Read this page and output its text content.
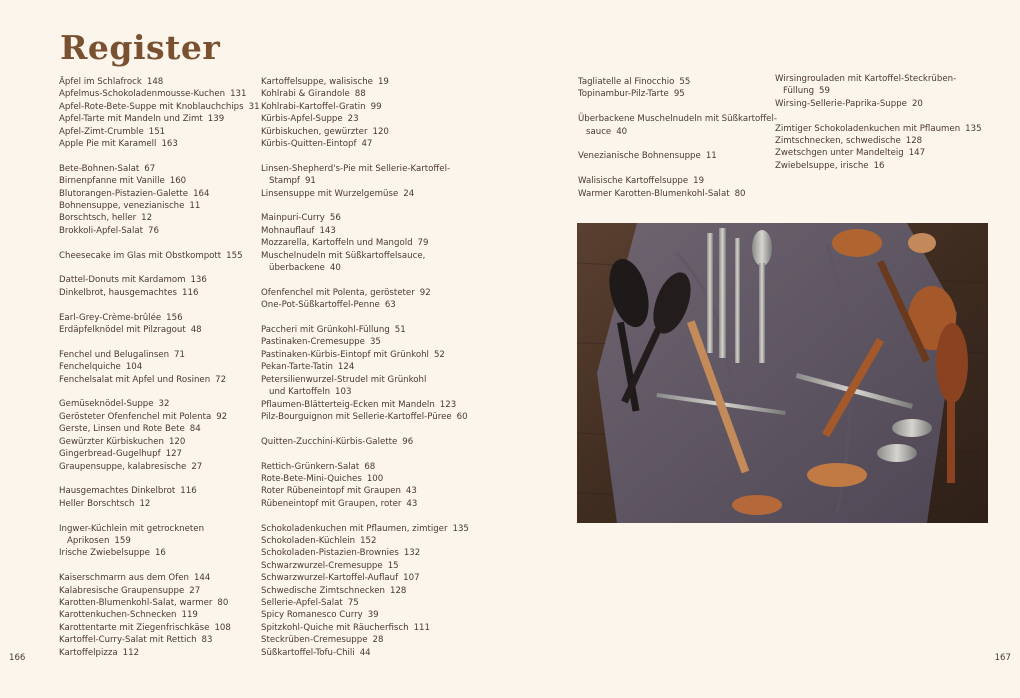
Register
Äpfel im Schlafrock 148
Apfelmus-Schokoladenmousse-Kuchen 131
Apfel-Rote-Bete-Suppe mit Knoblauchchips 31
Apfel-Tarte mit Mandeln und Zimt 139
Apfel-Zimt-Crumble 151
Apple Pie mit Karamell 163
Bete-Bohnen-Salat 67
Birnenpfanne mit Vanille 160
Blutorangen-Pistazien-Galette 164
Bohnensuppe, venezianische 11
Borschtsch, heller 12
Brokkoli-Apfel-Salat 76
Cheesecake im Glas mit Obstkompott 155
Dattel-Donuts mit Kardamom 136
Dinkelbrot, hausgemachtes 116
Earl-Grey-Crème-brûlée 156
Erdäpfelknödel mit Pilzragout 48
Fenchel und Belugalinsen 71
Fenchelquiche 104
Fenchelsalat mit Apfel und Rosinen 72
Gemüseknödel-Suppe 32
Gerösteter Ofenfenchel mit Polenta 92
Gerste, Linsen und Rote Bete 84
Gewürzter Kürbiskuchen 120
Gingerbread-Gugelhupf 127
Graupensuppe, kalabresische 27
Hausgemachtes Dinkelbrot 116
Heller Borschtsch 12
Ingwer-Küchlein mit getrockneten
Aprikosen 159
Irische Zwiebelsuppe 16
Kaiserschmarrn aus dem Ofen 144
Kalabresische Graupensuppe 27
Karotten-Blumenkohl-Salat, warmer 80
Karottenkuchen-Schnecken 119
Karottentarte mit Ziegenfrischkäse 108
Kartoffel-Curry-Salat mit Rettich 83
Kartoffelpizza 112
Kartoffelsuppe, walisische 19
Kohlrabi & Girandole 88
Kohlrabi-Kartoffel-Gratin 99
Kürbis-Apfel-Suppe 23
Kürbiskuchen, gewürzter 120
Kürbis-Quitten-Eintopf 47
Linsen-Shepherd's-Pie mit Sellerie-Kartoffel-
Stampf 91
Linsensuppe mit Wurzelgemüse 24
Mainpuri-Curry 56
Mohnauflauf 143
Mozzarella, Kartoffeln und Mangold 79
Muschelnudeln mit Süßkartoffelsauce,
überbackene 40
Ofenfenchel mit Polenta, gerösteter 92
One-Pot-Süßkartoffel-Penne 63
Paccheri mit Grünkohl-Füllung 51
Pastinaken-Cremesuppe 35
Pastinaken-Kürbis-Eintopf mit Grünkohl 52
Pekan-Tarte-Tatin 124
Petersilienwurzel-Strudel mit Grünkohl
und Kartoffeln 103
Pflaumen-Blätterteig-Ecken mit Mandeln 123
Pilz-Bourguignon mit Sellerie-Kartoffel-Püree 60
Quitten-Zucchini-Kürbis-Galette 96
Rettich-Grünkern-Salat 68
Rote-Bete-Mini-Quiches 100
Roter Rübeneintopf mit Graupen 43
Rübeneintopf mit Graupen, roter 43
Schokoladenkuchen mit Pflaumen, zimtiger 135
Schokoladen-Küchlein 152
Schokoladen-Pistazien-Brownies 132
Schwarzwurzel-Cremesuppe 15
Schwarzwurzel-Kartoffel-Auflauf 107
Schwedische Zimtschnecken 128
Sellerie-Apfel-Salat 75
Spicy Romanesco Curry 39
Spitzkohl-Quiche mit Räucherfisch 111
Steckrüben-Cremesuppe 28
Süßkartoffel-Tofu-Chili 44
Tagliatelle al Finocchio 55
Topinambur-Pilz-Tarte 95
Überbackene Muschelnudeln mit Süßkartoffel-
sauce 40
Venezianische Bohnensuppe 11
Walisische Kartoffelsuppe 19
Warmer Karotten-Blumenkohl-Salat 80
Wirsingrouladen mit Kartoffel-Steckrüben-
Füllung 59
Wirsing-Sellerie-Paprika-Suppe 20
Zimtiger Schokoladenkuchen mit Pflaumen 135
Zimtschnecken, schwedische 128
Zwetschgen unter Mandelteig 147
Zwiebelsuppe, irische 16
166	167
